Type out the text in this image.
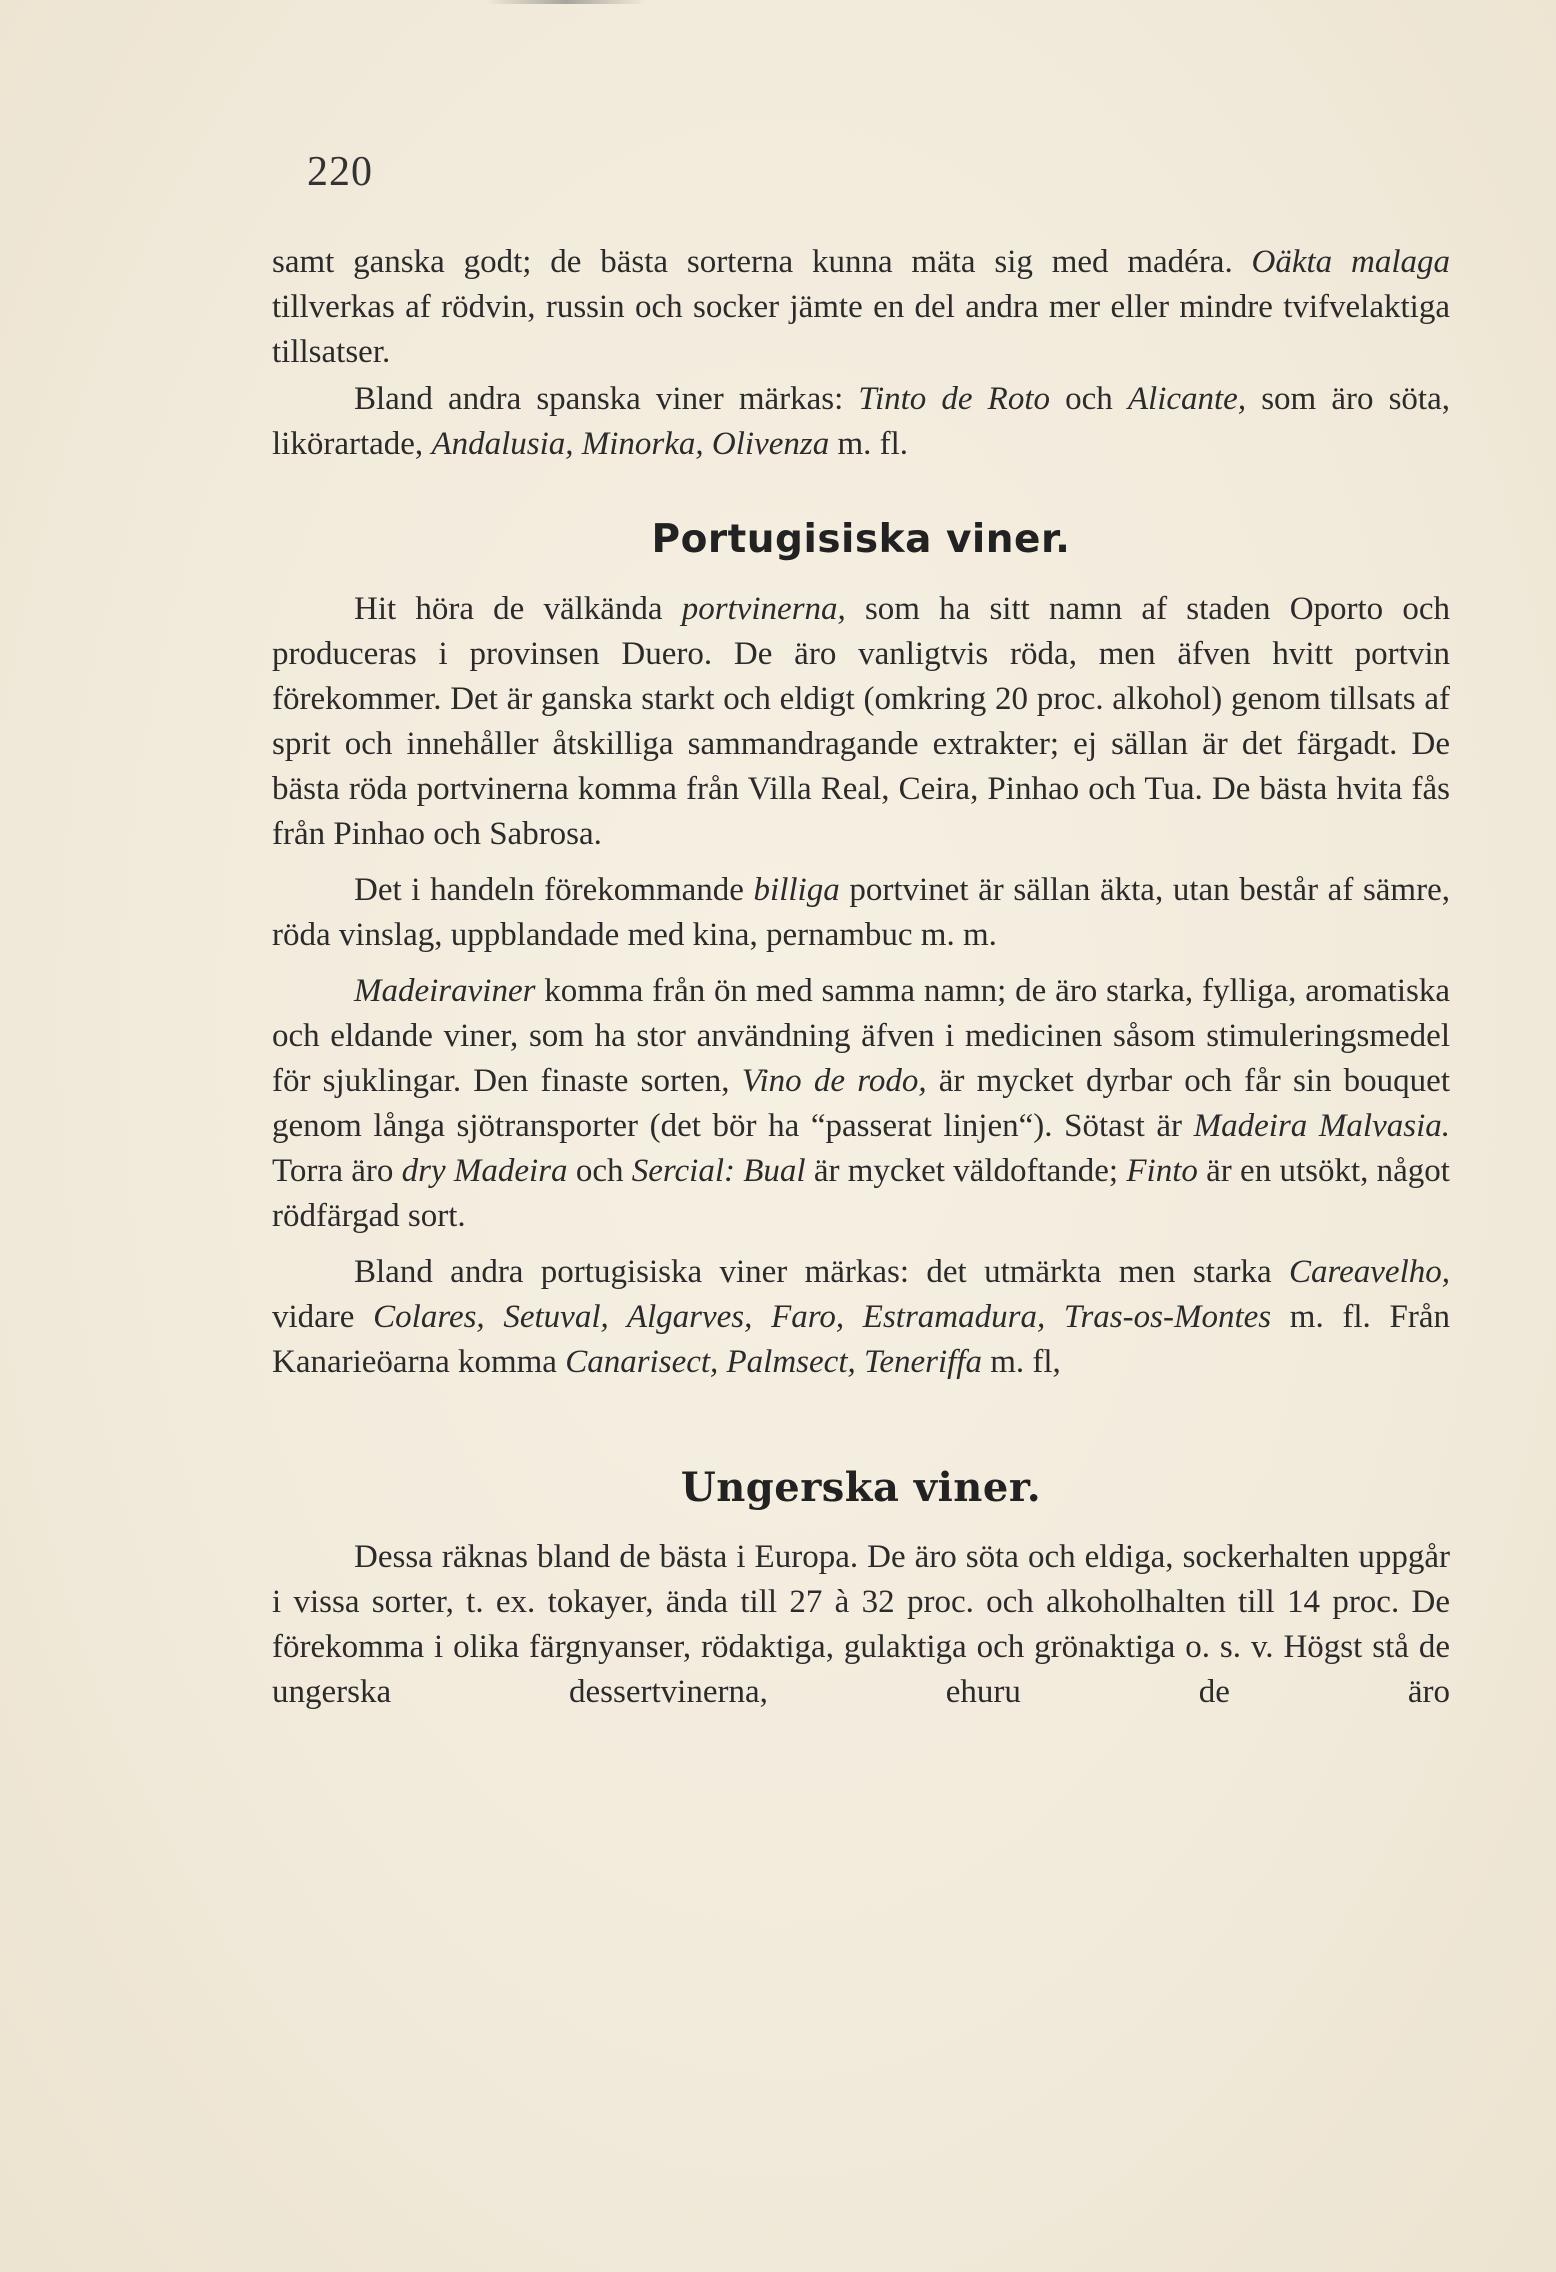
220

samt ganska godt; de bästa sorterna kunna mäta sig med madéra. Oäkta malaga tillverkas af rödvin, russin och socker jämte en del andra mer eller mindre tvifvelaktiga tillsatser.

Bland andra spanska viner märkas: Tinto de Roto och Alicante, som äro söta, likörartade, Andalusia, Minorka, Olivenza m. fl.

Portugisiska viner.

Hit höra de välkända portvinerna, som ha sitt namn af staden Oporto och produceras i provinsen Duero. De äro vanligtvis röda, men äfven hvitt portvin förekommer. Det är ganska starkt och eldigt (omkring 20 proc. alkohol) genom tillsats af sprit och innehåller åtskilliga sammandragande extrakter; ej sällan är det färgadt. De bästa röda portvinerna komma från Villa Real, Ceira, Pinhao och Tua. De bästa hvita fås från Pinhao och Sabrosa.

Det i handeln förekommande billiga portvinet är sällan äkta, utan består af sämre, röda vinslag, uppblandade med kina, pernambuc m. m.

Madeiraviner komma från ön med samma namn; de äro starka, fylliga, aromatiska och eldande viner, som ha stor användning äfven i medicinen såsom stimuleringsmedel för sjuklingar. Den finaste sorten, Vino de rodo, är mycket dyrbar och får sin bouquet genom långa sjötransporter (det bör ha “passerat linjen“). Sötast är Madeira Malvasia. Torra äro dry Madeira och Sercial: Bual är mycket väldoftande; Finto är en utsökt, något rödfärgad sort.

Bland andra portugisiska viner märkas: det utmärkta men starka Careavelho, vidare Colares, Setuval, Algarves, Faro, Estramadura, Tras-os-Montes m. fl. Från Kanarieöarna komma Canarisect, Palmsect, Teneriffa m. fl,

Ungerska viner.

Dessa räknas bland de bästa i Europa. De äro söta och eldiga, sockerhalten uppgår i vissa sorter, t. ex. tokayer, ända till 27 à 32 proc. och alkoholhalten till 14 proc. De förekomma i olika färgnyanser, rödaktiga, gulaktiga och grönaktiga o. s. v. Högst stå de ungerska dessertvinerna, ehuru de äro
